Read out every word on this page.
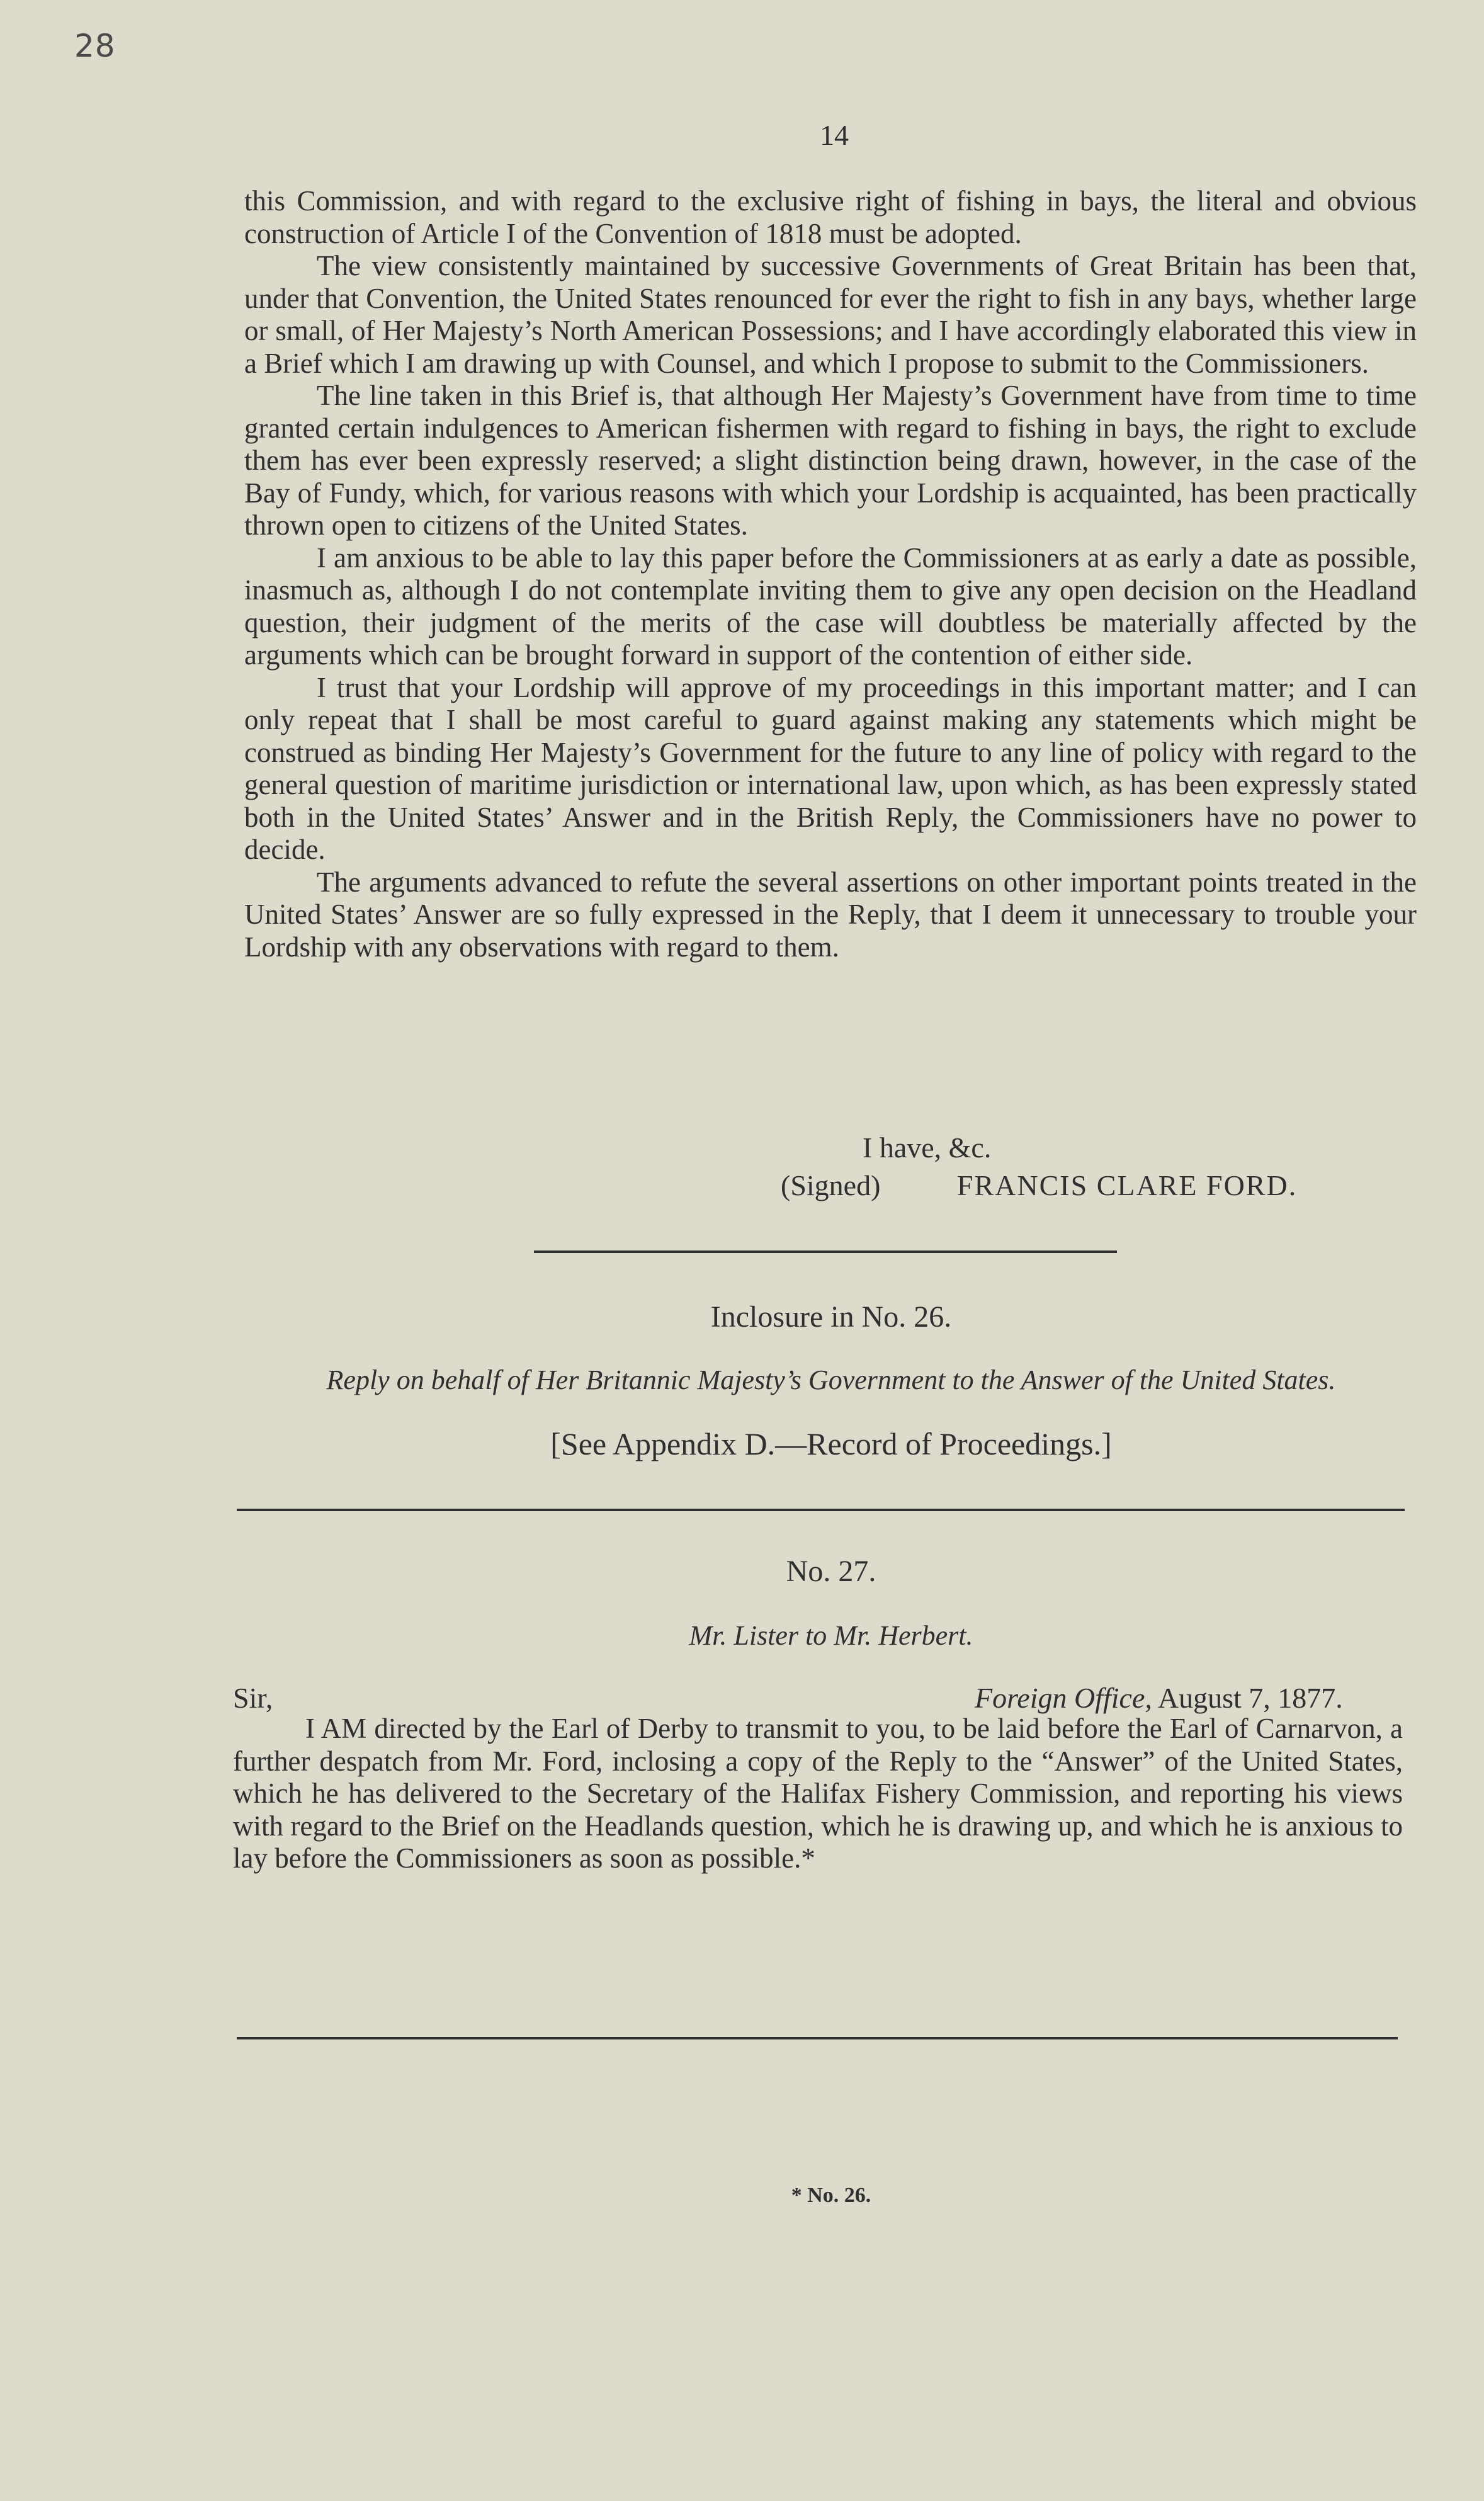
28
14

this Commission, and with regard to the exclusive right of fishing in bays, the literal and obvious construction of Article I of the Convention of 1818 must be adopted.

The view consistently maintained by successive Governments of Great Britain has been that, under that Convention, the United States renounced for ever the right to fish in any bays, whether large or small, of Her Majesty’s North American Possessions; and I have accordingly elaborated this view in a Brief which I am drawing up with Counsel, and which I propose to submit to the Commissioners.

The line taken in this Brief is, that although Her Majesty’s Government have from time to time granted certain indulgences to American fishermen with regard to fishing in bays, the right to exclude them has ever been expressly reserved; a slight distinction being drawn, however, in the case of the Bay of Fundy, which, for various reasons with which your Lordship is acquainted, has been practically thrown open to citizens of the United States.

I am anxious to be able to lay this paper before the Commissioners at as early a date as possible, inasmuch as, although I do not contemplate inviting them to give any open decision on the Headland question, their judgment of the merits of the case will doubtless be materially affected by the arguments which can be brought forward in support of the contention of either side.

I trust that your Lordship will approve of my proceedings in this important matter; and I can only repeat that I shall be most careful to guard against making any statements which might be construed as binding Her Majesty’s Government for the future to any line of policy with regard to the general question of maritime jurisdiction or international law, upon which, as has been expressly stated both in the United States’ Answer and in the British Reply, the Commissioners have no power to decide.

The arguments advanced to refute the several assertions on other important points treated in the United States’ Answer are so fully expressed in the Reply, that I deem it unnecessary to trouble your Lordship with any observations with regard to them.

I have, &c.
(Signed)	FRANCIS CLARE FORD.
Inclosure in No. 26.
Reply on behalf of Her Britannic Majesty’s Government to the Answer of the United States.
[See Appendix D.—Record of Proceedings.]
No. 27.
Mr. Lister to Mr. Herbert.
Sir,	Foreign Office, August 7, 1877.

I AM directed by the Earl of Derby to transmit to you, to be laid before the Earl of Carnarvon, a further despatch from Mr. Ford, inclosing a copy of the Reply to the “Answer” of the United States, which he has delivered to the Secretary of the Halifax Fishery Commission, and reporting his views with regard to the Brief on the Headlands question, which he is drawing up, and which he is anxious to lay before the Commissioners as soon as possible.*

* No. 26.
